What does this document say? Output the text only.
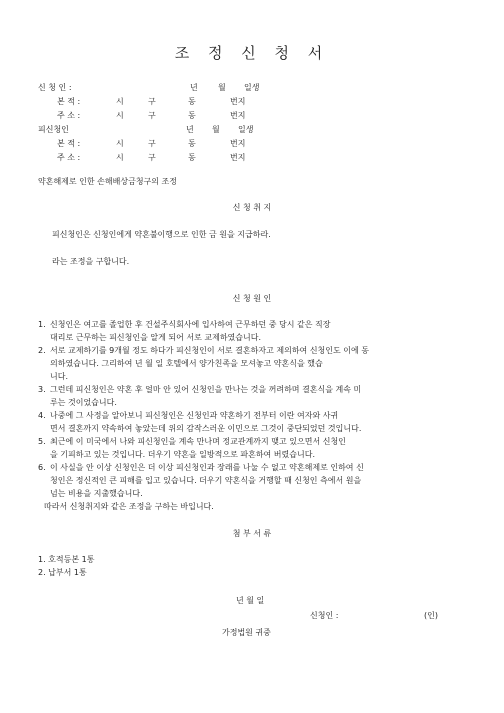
조 정 신 청 서
신 청 인 :	년	월 일생
본 적 :	시	구	동	번지
주 소 :	시	구	동	번지
피신청인	년 월 일생
본 적 :	시	구	동	번지
주 소 :	시	구	동	번지
약혼해제로 인한 손해배상금청구의 조정
신 청 취 지
피신청인은 신청인에게 약혼불이행으로 인한 금 원을 지급하라.
라는 조정을 구합니다.
신 청 원 인
1. 신청인은 여고를 졸업한 후 건설주식회사에 입사하여 근무하던 중 당시 같은 직장
대리로 근무하는 피신청인을 알게 되어 서로 교제하였습니다.
2. 서로 교제하기를 9개월 정도 하다가 피신청인이 서로 결혼하자고 제의하여 신청인도 이에 동
의하였습니다. 그리하여 년 월 일 호텔에서 양가친족을 모셔놓고 약혼식을 했습
니다.
3. 그런데 피신청인은 약혼 후 얼마 안 있어 신청인을 만나는 것을 꺼려하며 결혼식을 계속 미
루는 것이었습니다.
4. 나중에 그 사정을 알아보니 피신청인은 신청인과 약혼하기 전부터 이란 여자와 사귀
면서 결혼까지 약속하여 놓았는데 위의 감작스러운 이민으로 그것이 중단되었던 것입니다.
5. 최근에 이 미국에서 나와 피신청인을 계속 만나며 정교관계까지 맺고 있으면서 신청인
을 기피하고 있는 것입니다. 더우기 약혼을 일방적으로 파혼하여 버렸습니다.
6. 이 사실을 안 이상 신청인은 더 이상 피신청인과 장래를 나눌 수 없고 약혼해제로 인하여 신
청인은 정신적인 큰 피해를 입고 있습니다. 더우기 약혼식을 거행할 때 신청인 측에서 원을
넘는 비용을 지출했습니다.
따라서 신청취지와 같은 조정을 구하는 바입니다.
첨 부 서 류
1. 호적등본 1통
2. 납부서 1통
년 월 일
신청인 :	(인)
가정법원 귀중
